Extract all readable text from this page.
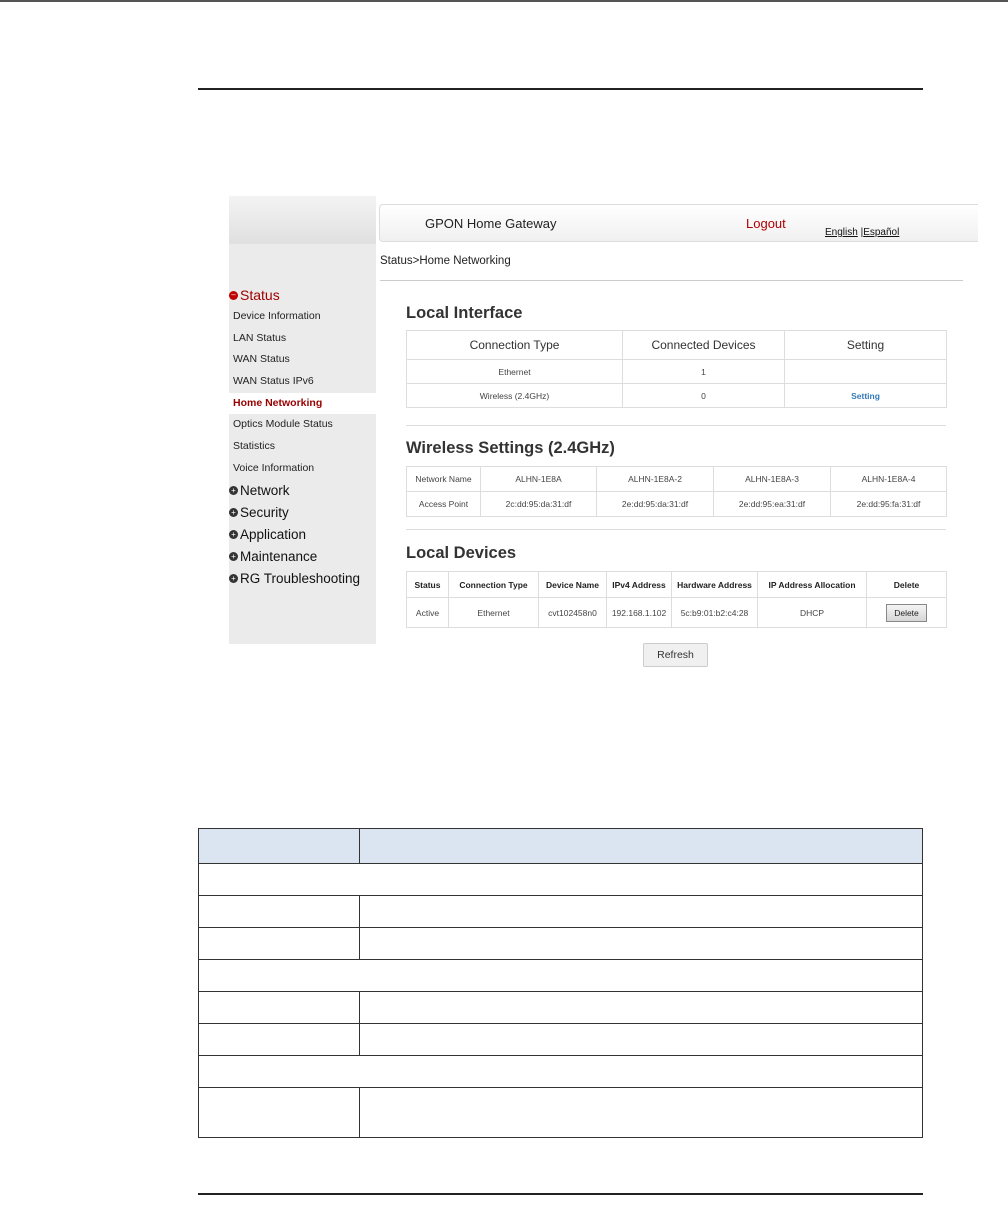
– Status
Device Information
LAN Status
WAN Status
WAN Status IPv6
Home Networking
Optics Module Status
Statistics
Voice Information
+ Network
+ Security
+ Application
+ Maintenance
+ RG Troubleshooting
GPON Home Gateway	Logout
English |Español
Status>Home Networking
Local Interface
Connection Type	Connected Devices	Setting
Ethernet	1	
Wireless (2.4GHz)	0	Setting
Wireless Settings (2.4GHz)
Network Name	ALHN-1E8A	ALHN-1E8A-2	ALHN-1E8A-3	ALHN-1E8A-4
Access Point	2c:dd:95:da:31:df	2e:dd:95:da:31:df	2e:dd:95:ea:31:df	2e:dd:95:fa:31:df
Local Devices
Status	Connection Type	Device Name	IPv4 Address	Hardware Address	IP Address Allocation	Delete
Active	Ethernet	cvt102458n0	192.168.1.102	5c:b9:01:b2:c4:28	DHCP	Delete
Refresh
